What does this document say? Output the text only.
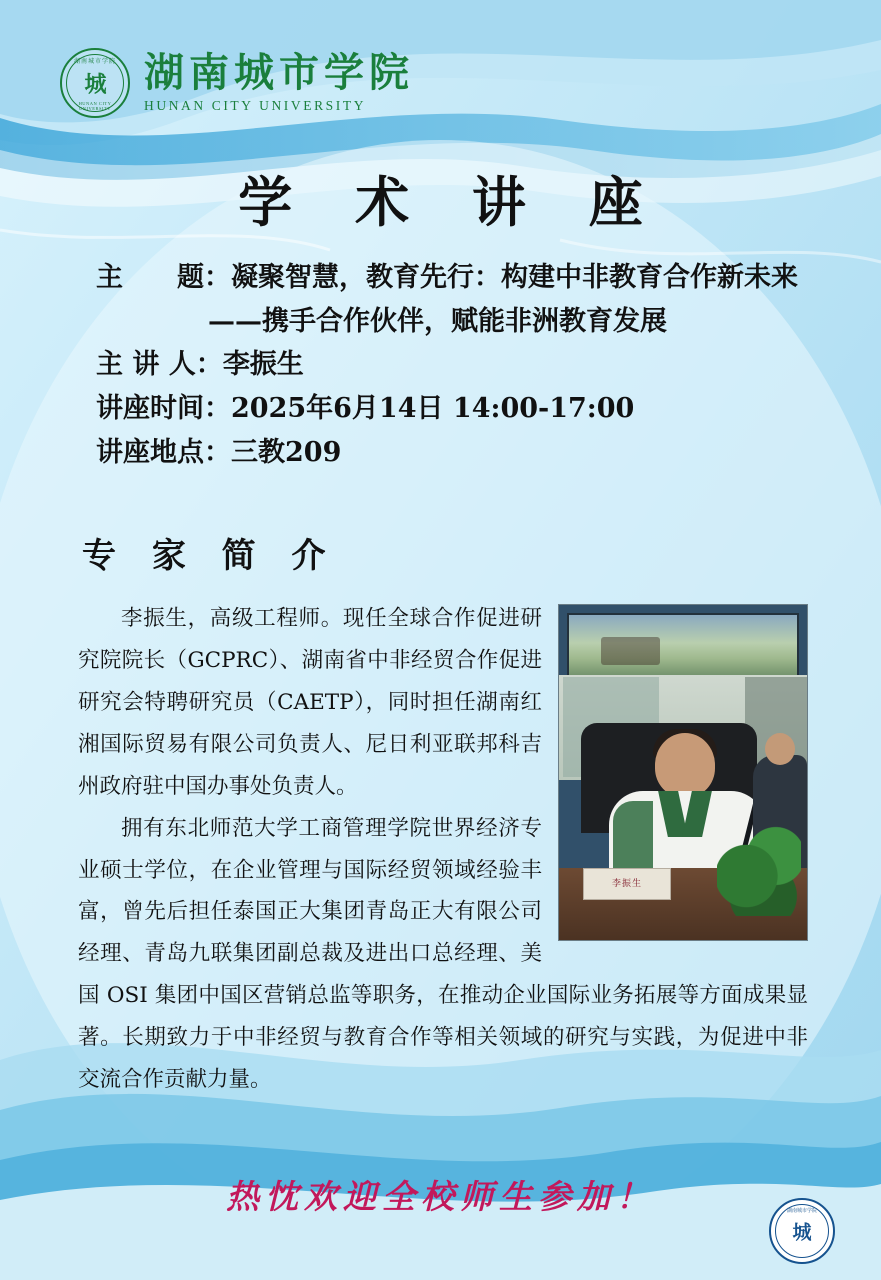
湖南城市学院
城
HUNAN CITY UNIVERSITY
湖南城市学院
HUNAN CITY UNIVERSITY
学 术 讲 座
主　　题：凝聚智慧，教育先行：构建中非教育合作新未来
——携手合作伙伴，赋能非洲教育发展
主 讲 人：李振生
讲座时间：2025年6月14日 14:00-17:00
讲座地点：三教209
专 家 简 介
李振生

李振生，高级工程师。现任全球合作促进研究院院长（GCPRC）、湖南省中非经贸合作促进研究会特聘研究员（CAETP），同时担任湖南红湘国际贸易有限公司负责人、尼日利亚联邦科吉州政府驻中国办事处负责人。

拥有东北师范大学工商管理学院世界经济专业硕士学位，在企业管理与国际经贸领域经验丰富，曾先后担任泰国正大集团青岛正大有限公司经理、青岛九联集团副总裁及进出口总经理、美国 OSI 集团中国区营销总监等职务，在推动企业国际业务拓展等方面成果显著。长期致力于中非经贸与教育合作等相关领域的研究与实践，为促进中非交流合作贡献力量。

热忱欢迎全校师生参加！	湖南城市学院
城
